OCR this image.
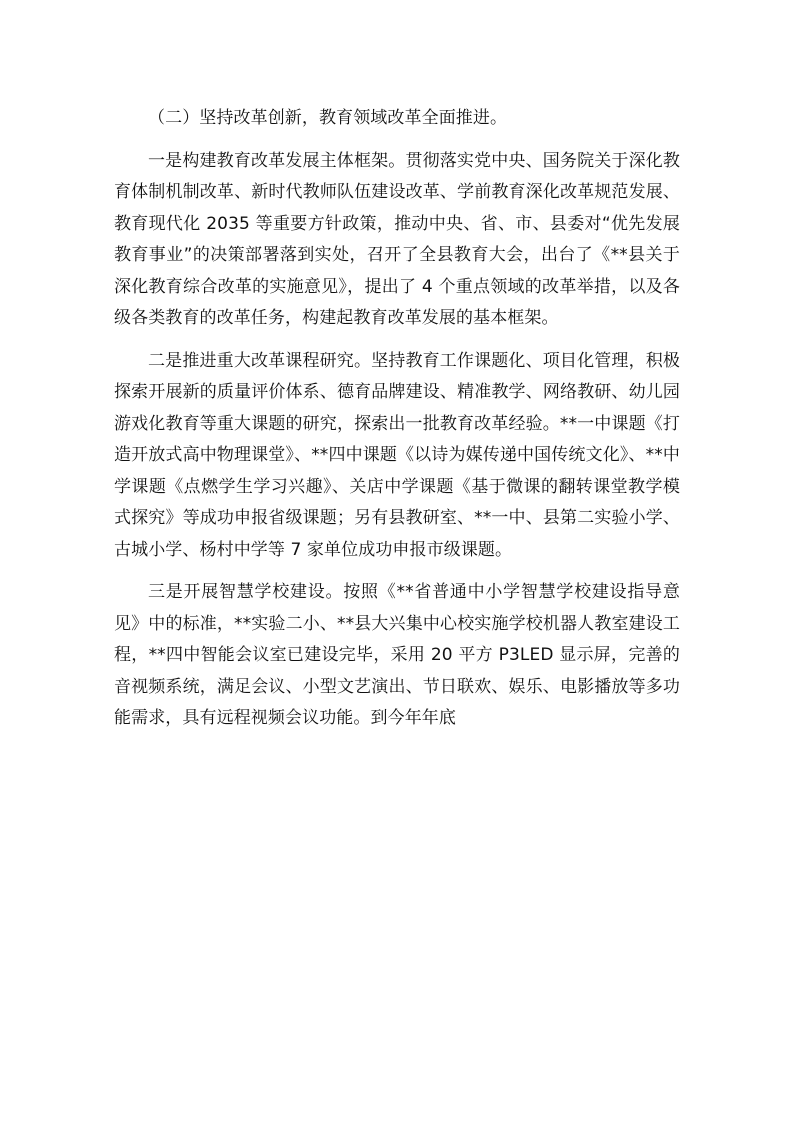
（二）坚持改革创新，教育领域改革全面推进。

一是构建教育改革发展主体框架。贯彻落实党中央、国务院关于深化教育体制机制改革、新时代教师队伍建设改革、学前教育深化改革规范发展、教育现代化 2035 等重要方针政策，推动中央、省、市、县委对“优先发展教育事业”的决策部署落到实处，召开了全县教育大会，出台了《**县关于深化教育综合改革的实施意见》，提出了 4 个重点领域的改革举措，以及各级各类教育的改革任务，构建起教育改革发展的基本框架。

二是推进重大改革课程研究。坚持教育工作课题化、项目化管理，积极探索开展新的质量评价体系、德育品牌建设、精准教学、网络教研、幼儿园游戏化教育等重大课题的研究，探索出一批教育改革经验。**一中课题《打造开放式高中物理课堂》、**四中课题《以诗为媒传递中国传统文化》、**中学课题《点燃学生学习兴趣》、关店中学课题《基于微课的翻转课堂教学模式探究》等成功申报省级课题；另有县教研室、**一中、县第二实验小学、古城小学、杨村中学等 7 家单位成功申报市级课题。

三是开展智慧学校建设。按照《**省普通中小学智慧学校建设指导意见》中的标准，**实验二小、**县大兴集中心校实施学校机器人教室建设工程，**四中智能会议室已建设完毕，采用 20 平方 P3LED 显示屏，完善的音视频系统，满足会议、小型文艺演出、节日联欢、娱乐、电影播放等多功能需求，具有远程视频会议功能。到今年年底
